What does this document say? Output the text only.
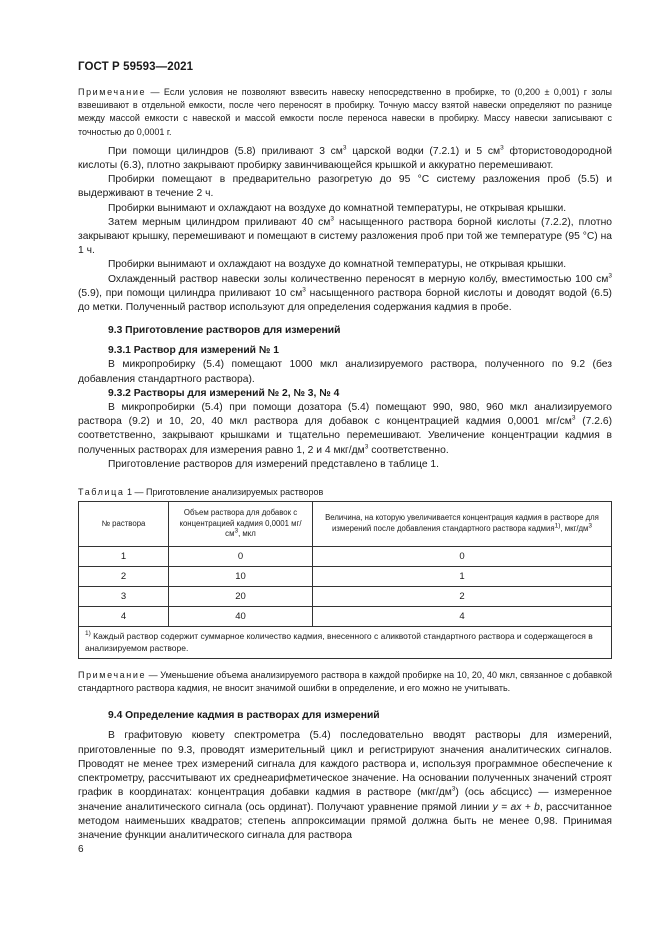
ГОСТ Р 59593—2021

Примечание — Если условия не позволяют взвесить навеску непосредственно в пробирке, то (0,200 ± 0,001) г золы взвешивают в отдельной емкости, после чего переносят в пробирку. Точную массу взятой навески определяют по разнице между массой емкости с навеской и массой емкости после переноса навески в пробирку. Массу навески записывают с точностью до 0,0001 г.

При помощи цилиндров (5.8) приливают 3 $см^3$ царской водки (7.2.1) и 5 $см^3$ фтористоводородной кислоты (6.3), плотно закрывают пробирку завинчивающейся крышкой и аккуратно перемешивают.

Пробирки помещают в предварительно разогретую до 95 °C систему разложения проб (5.5) и выдерживают в течение 2 ч.

Пробирки вынимают и охлаждают на воздухе до комнатной температуры, не открывая крышки.

Затем мерным цилиндром приливают 40 $см^3$ насыщенного раствора борной кислоты (7.2.2), плотно закрывают крышку, перемешивают и помещают в систему разложения проб при той же температуре (95 °C) на 1 ч.

Пробирки вынимают и охлаждают на воздухе до комнатной температуры, не открывая крышки.

Охлажденный раствор навески золы количественно переносят в мерную колбу, вместимостью 100 $см^3$ (5.9), при помощи цилиндра приливают 10 $см^3$ насыщенного раствора борной кислоты и доводят водой (6.5) до метки. Полученный раствор используют для определения содержания кадмия в пробе.

9.3 Приготовление растворов для измерений
9.3.1 Раствор для измерений № 1

В микропробирку (5.4) помещают 1000 мкл анализируемого раствора, полученного по 9.2 (без добавления стандартного раствора).

9.3.2 Растворы для измерений № 2, № 3, № 4

В микропробирки (5.4) при помощи дозатора (5.4) помещают 990, 980, 960 мкл анализируемого раствора (9.2) и 10, 20, 40 мкл раствора для добавок с концентрацией кадмия 0,0001 $мг/см^3$ (7.2.6) соответственно, закрывают крышками и тщательно перемешивают. Увеличение концентрации кадмия в полученных растворах для измерения равно 1, 2 и 4 мкг/$дм^3$ соответственно.

Приготовление растворов для измерений представлено в таблице 1.

Таблица 1 — Приготовление анализируемых растворов
№ раствора	Объем раствора для добавок с концентрацией кадмия 0,0001 $мг/см^3$, мкл	Величина, на которую увеличивается концентрация кадмия в растворе для измерений после добавления стандартного раствора кадмия$^{1)}$, мкг/$дм^3$
1	0	0
2	10	1
3	20	2
4	40	4
$^{1)}$ Каждый раствор содержит суммарное количество кадмия, внесенного с аликвотой стандартного раствора и содержащегося в анализируемом растворе.		

Примечание — Уменьшение объема анализируемого раствора в каждой пробирке на 10, 20, 40 мкл, связанное с добавкой стандартного раствора кадмия, не вносит значимой ошибки в определение, и его можно не учитывать.

9.4 Определение кадмия в растворах для измерений

В графитовую кювету спектрометра (5.4) последовательно вводят растворы для измерений, приготовленные по 9.3, проводят измерительный цикл и регистрируют значения аналитических сигналов. Проводят не менее трех измерений сигнала для каждого раствора и, используя программное обеспечение к спектрометру, рассчитывают их среднеарифметическое значение. На основании полученных значений строят график в координатах: концентрация добавки кадмия в растворе $(мкг/дм^3)$ (ось абсцисс) — измеренное значение аналитического сигнала (ось ординат). Получают уравнение прямой линии y = ax + b, рассчитанное методом наименьших квадратов; степень аппроксимации прямой должна быть не менее 0,98. Принимая значение функции аналитического сигнала для раствора

6
